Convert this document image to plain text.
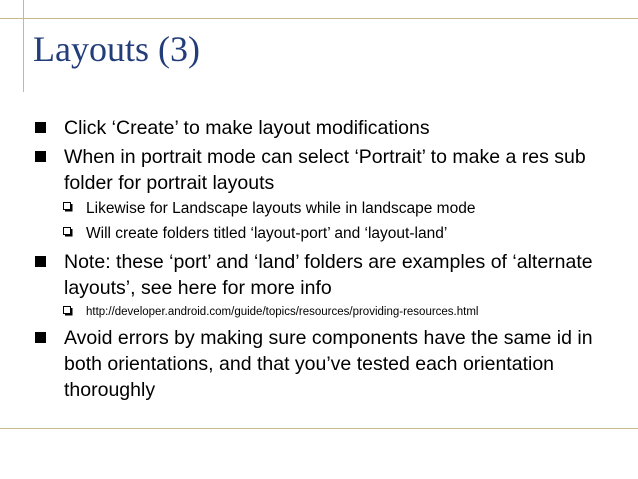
Layouts (3)
Click ‘Create’ to make layout modifications
When in portrait mode can select ‘Portrait’ to make a res sub folder for portrait layouts
Likewise for Landscape layouts while in landscape mode
Will create folders titled ‘layout-port’ and ‘layout-land’
Note: these ‘port’ and ‘land’ folders are examples of ‘alternate layouts’, see here for more info
http://developer.android.com/guide/topics/resources/providing-resources.html
Avoid errors by making sure components have the same id in both orientations, and that you’ve tested each orientation thoroughly
